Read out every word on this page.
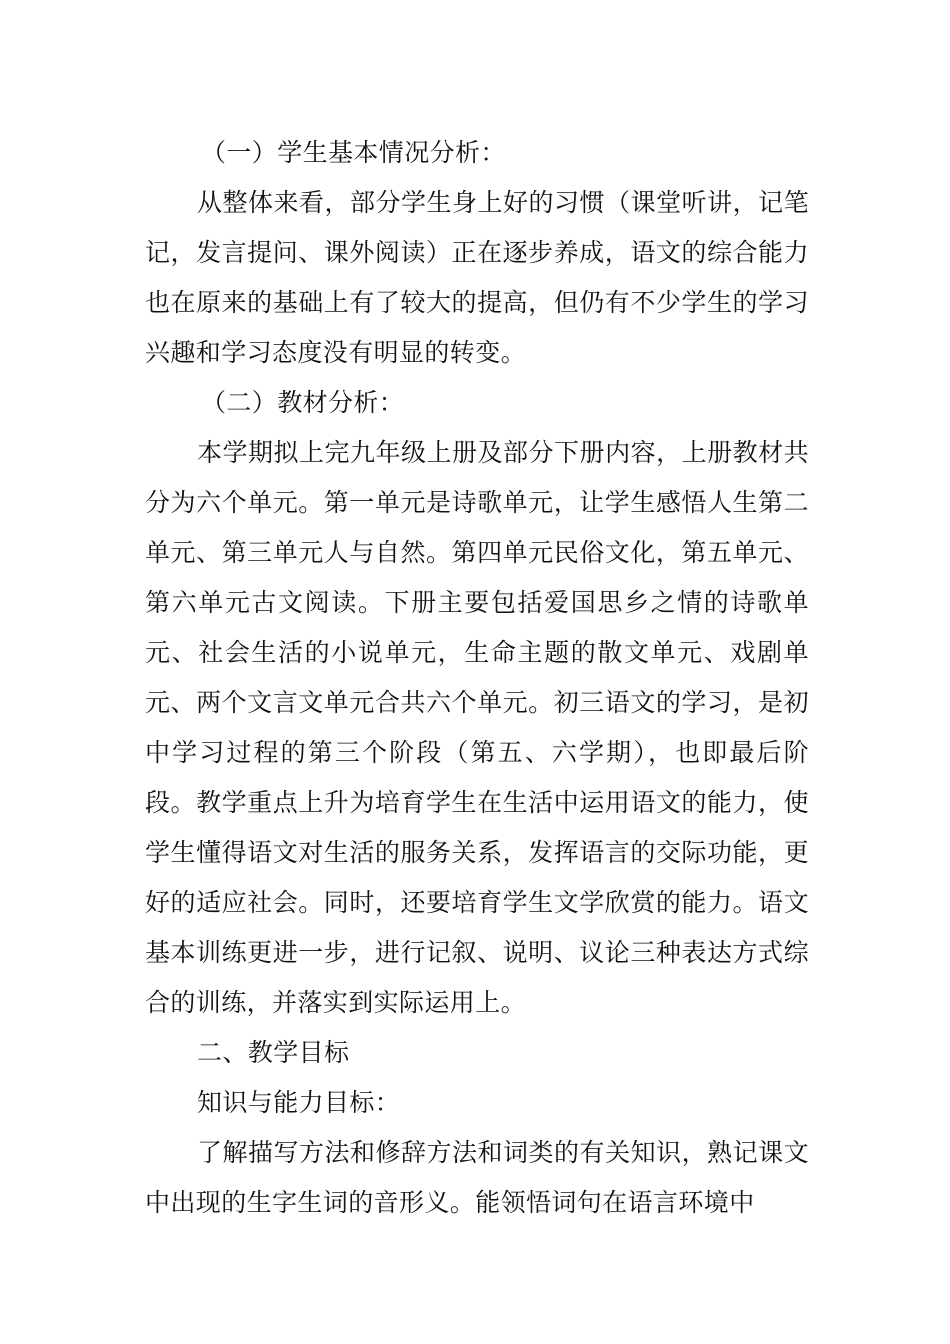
（一）学生基本情况分析：

从整体来看，部分学生身上好的习惯（课堂听讲，记笔记，发言提问、课外阅读）正在逐步养成，语文的综合能力也在原来的基础上有了较大的提高，但仍有不少学生的学习兴趣和学习态度没有明显的转变。

（二）教材分析：

本学期拟上完九年级上册及部分下册内容，上册教材共分为六个单元。第一单元是诗歌单元，让学生感悟人生第二单元、第三单元人与自然。第四单元民俗文化，第五单元、第六单元古文阅读。下册主要包括爱国思乡之情的诗歌单元、社会生活的小说单元，生命主题的散文单元、戏剧单元、两个文言文单元合共六个单元。初三语文的学习，是初中学习过程的第三个阶段（第五、六学期），也即最后阶段。教学重点上升为培育学生在生活中运用语文的能力，使学生懂得语文对生活的服务关系，发挥语言的交际功能，更好的适应社会。同时，还要培育学生文学欣赏的能力。语文基本训练更进一步，进行记叙、说明、议论三种表达方式综合的训练，并落实到实际运用上。

二、教学目标

知识与能力目标：

了解描写方法和修辞方法和词类的有关知识，熟记课文中出现的生字生词的音形义。能领悟词句在语言环境中
